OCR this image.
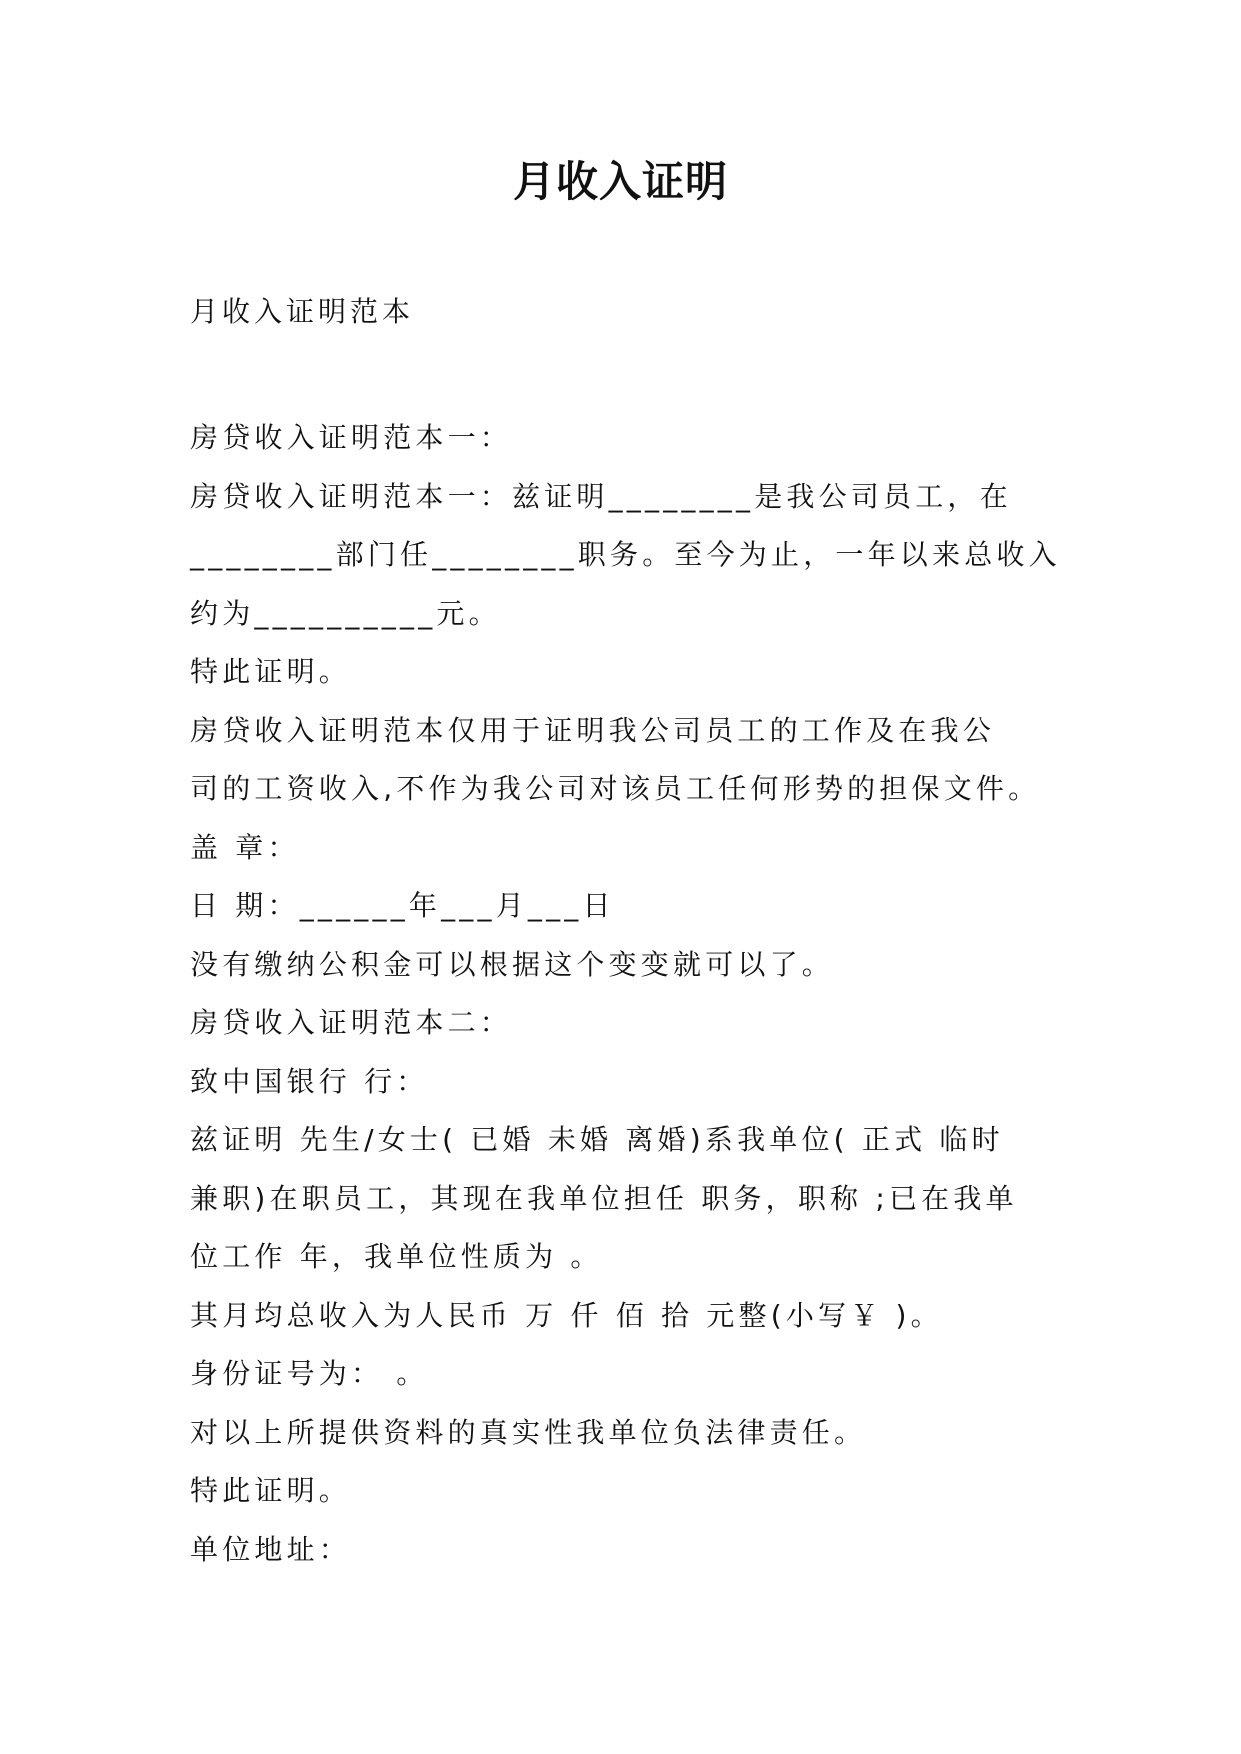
月收入证明
月收入证明范本

房贷收入证明范本一：

房贷收入证明范本一：兹证明________是我公司员工，在

________部门任________职务。至今为止，一年以来总收入

约为__________元。

特此证明。

房贷收入证明范本仅用于证明我公司员工的工作及在我公

司的工资收入,不作为我公司对该员工任何形势的担保文件。

盖 章：

日 期：______年___月___日

没有缴纳公积金可以根据这个变变就可以了。

房贷收入证明范本二：

致中国银行 行：

兹证明 先生/女士( 已婚 未婚 离婚)系我单位( 正式 临时

兼职)在职员工，其现在我单位担任 职务，职称 ;已在我单

位工作 年，我单位性质为 。

其月均总收入为人民币 万 仟 佰 拾 元整(小写￥ )。

身份证号为： 。

对以上所提供资料的真实性我单位负法律责任。

特此证明。

单位地址：
